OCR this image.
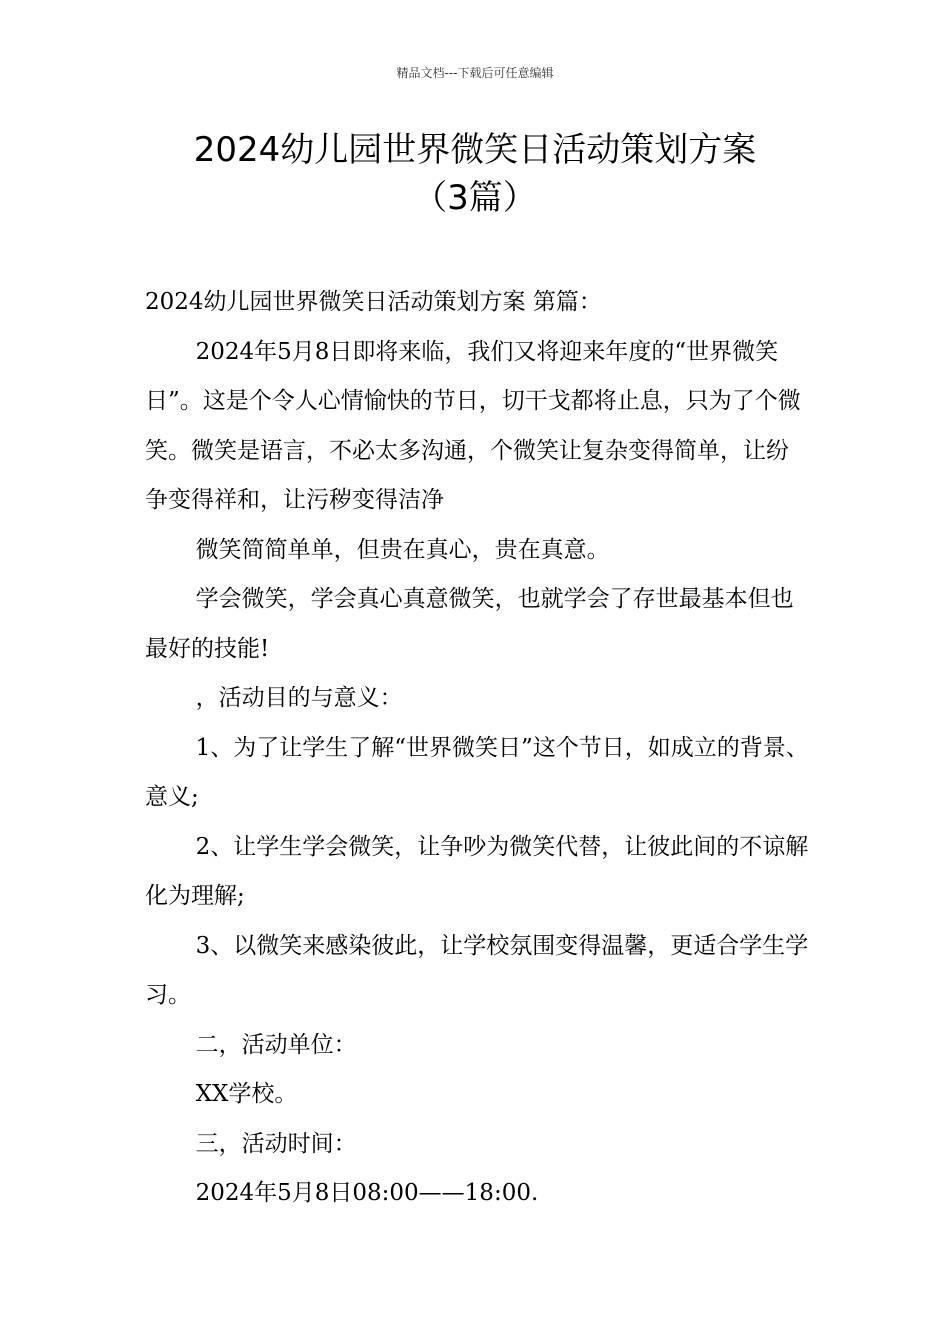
精品文档---下载后可任意编辑
2024幼儿园世界微笑日活动策划方案
（3篇）

2024幼儿园世界微笑日活动策划方案 第篇：

2024年5月8日即将来临，我们又将迎来年度的“世界微笑日”。这是个令人心情愉快的节日，切干戈都将止息，只为了个微笑。微笑是语言，不必太多沟通，个微笑让复杂变得简单，让纷争变得祥和，让污秽变得洁净

微笑简简单单，但贵在真心，贵在真意。

学会微笑，学会真心真意微笑，也就学会了存世最基本但也最好的技能!

，活动目的与意义：

1、为了让学生了解“世界微笑日”这个节日，如成立的背景、意义;

2、让学生学会微笑，让争吵为微笑代替，让彼此间的不谅解化为理解;

3、以微笑来感染彼此，让学校氛围变得温馨，更适合学生学习。

二，活动单位：

XX学校。

三，活动时间：

2024年5月8日08:00——18:00.
